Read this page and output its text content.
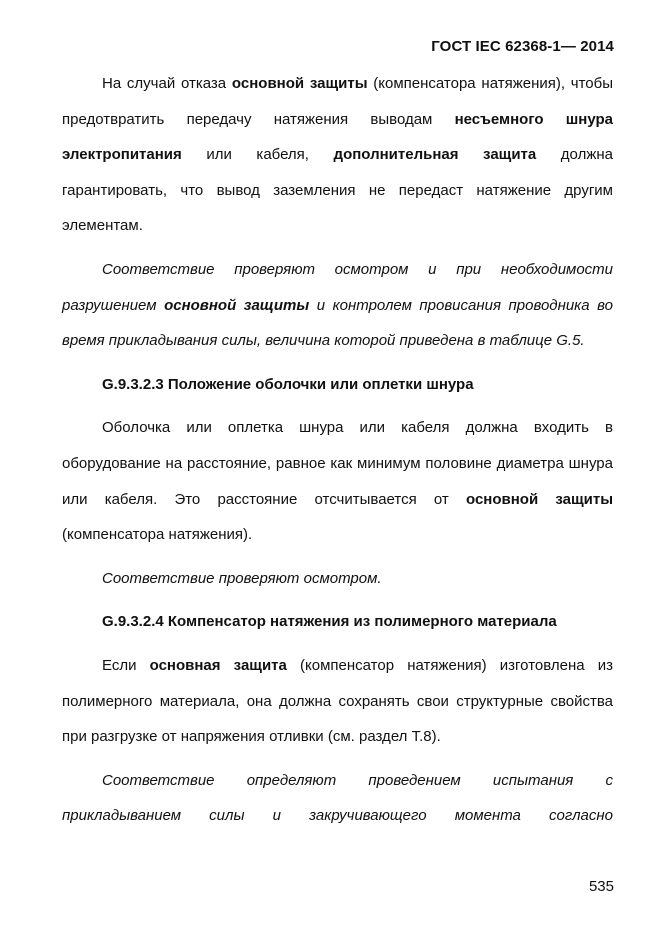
ГОСТ IEC 62368-1— 2014

На случай отказа основной защиты (компенсатора натяжения), чтобы предотвратить передачу натяжения выводам несъемного шнура электропитания или кабеля, дополнительная защита должна гарантировать, что вывод заземления не передаст натяжение другим элементам.

Соответствие проверяют осмотром и при необходимости разрушением основной защиты и контролем провисания проводника во время прикладывания силы, величина которой приведена в таблице G.5.

G.9.3.2.3 Положение оболочки или оплетки шнура

Оболочка или оплетка шнура или кабеля должна входить в оборудование на расстояние, равное как минимум половине диаметра шнура или кабеля. Это расстояние отсчитывается от основной защиты (компенсатора натяжения).

Соответствие проверяют осмотром.

G.9.3.2.4 Компенсатор натяжения из полимерного материала

Если основная защита (компенсатор натяжения) изготовлена из полимерного материала, она должна сохранять свои структурные свойства при разгрузке от напряжения отливки (см. раздел Т.8).

Соответствие определяют проведением испытания с прикладыванием силы и закручивающего момента согласно

535
